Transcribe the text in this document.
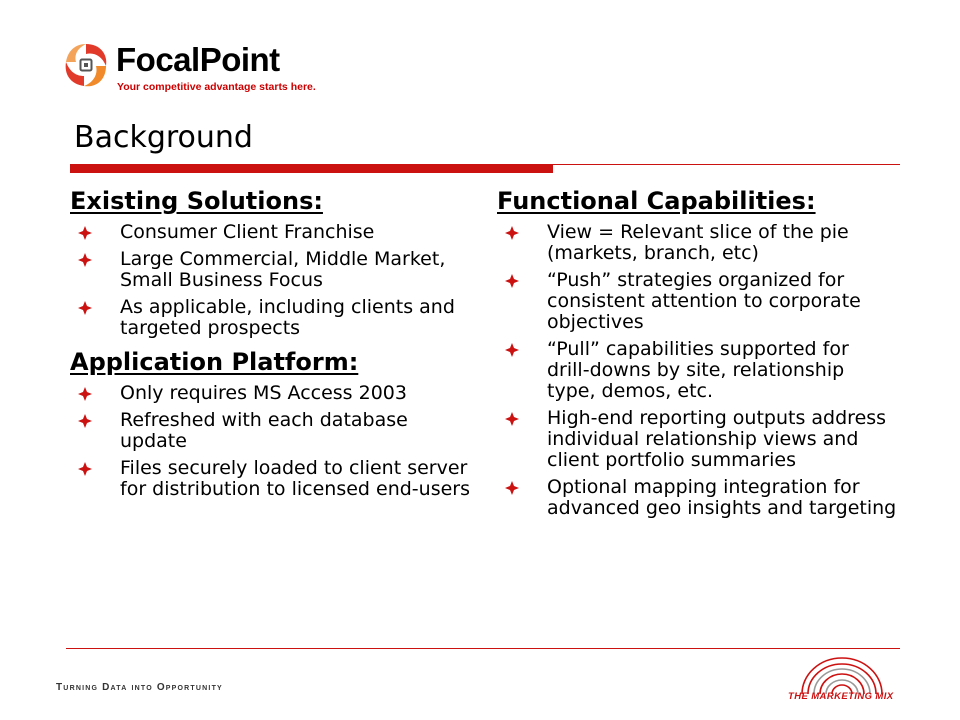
FocalPoint
Your competitive advantage starts here.
Background
Existing Solutions:
Consumer Client Franchise
Large Commercial, Middle Market, Small Business Focus
As applicable, including clients and targeted prospects
Application Platform:
Only requires MS Access 2003
Refreshed with each database update
Files securely loaded to client server for distribution to licensed end-users
Functional Capabilities:
View = Relevant slice of the pie (markets, branch, etc)
“Push” strategies organized for consistent attention to corporate objectives
“Pull” capabilities supported for drill-downs by site, relationship type, demos, etc.
High-end reporting outputs address individual relationship views and client portfolio summaries
Optional mapping integration for advanced geo insights and targeting
Turning Data into Opportunity
THE MARKETING MIX
